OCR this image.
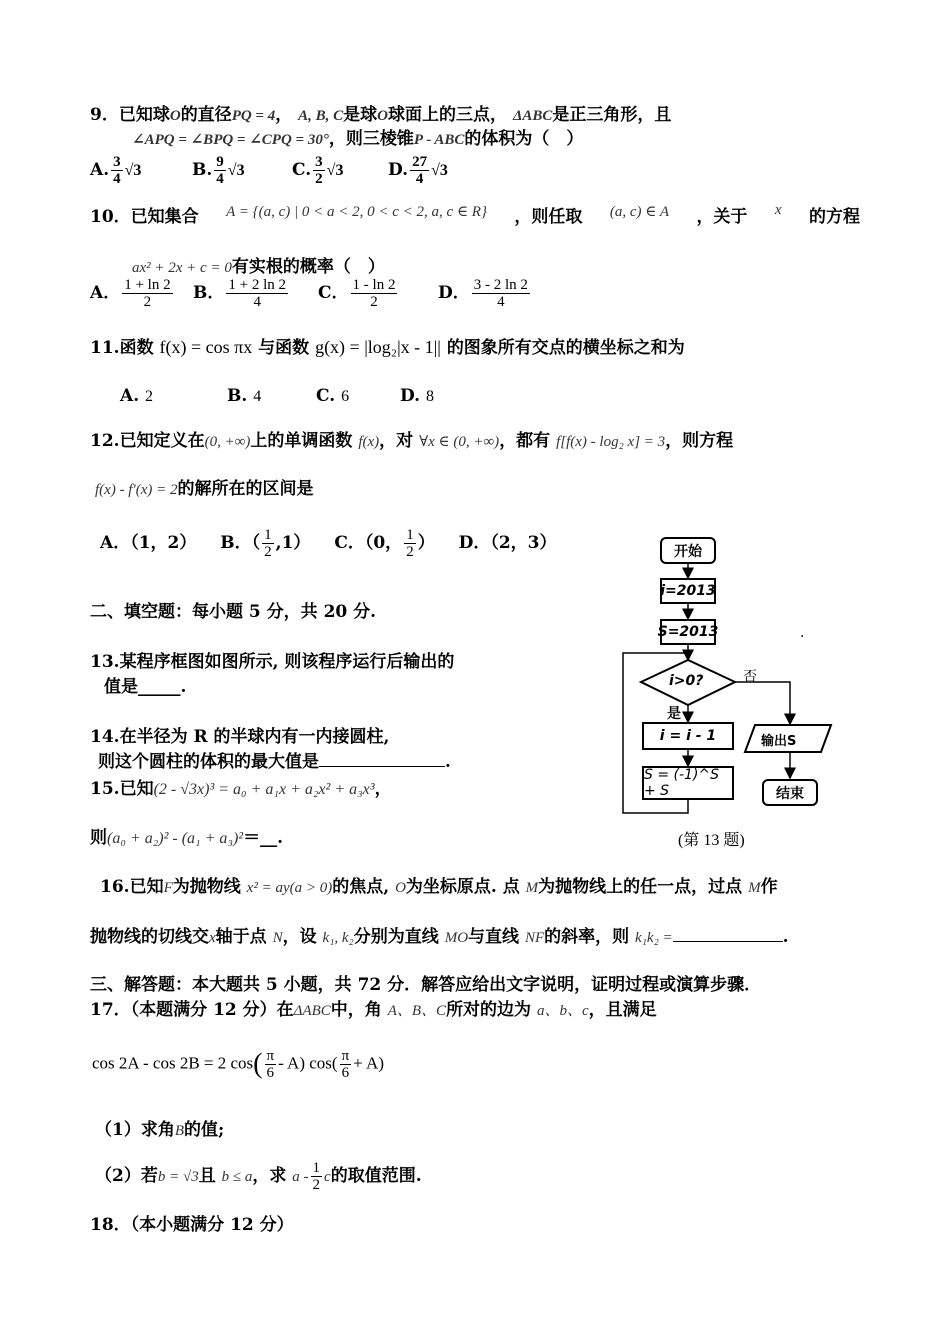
9．已知球O的直径PQ = 4， A, B, C是球O球面上的三点， ΔABC是正三角形，且
∠APQ = ∠BPQ = ∠CPQ = 30°，则三棱锥P - ABC的体积为（　）
A. $\frac{3}{4} √3$	B. $\frac{9}{4} √3$	C. $\frac{3}{2} √3$	D. $\frac{27}{4} √3$
10．已知集合 A = {(a, c) | 0 < a < 2, 0 < c < 2, a, c ∈ R} ，则任取 (a, c) ∈ A ，关于 x 的方程
ax² + 2x + c = 0有实根的概率（　）
A． $\frac{1 + \ln 2}{2}$ B． $\frac{1 + 2 \ln 2}{4}$ C． $\frac{1 - \ln 2}{2}$ D． $\frac{3 - 2 \ln 2}{4}$
11.函数 f(x) = cos πx 与函数 g(x) = |log₂|x - 1|| 的图象所有交点的横坐标之和为
A. 2	B. 4	C. 6	D. 8
12.已知定义在(0, +∞)上的单调函数 f(x)，对 ∀x ∈ (0, +∞)，都有 f[f(x) - log₂ x] = 3，则方程
f(x) - f′(x) = 2的解所在的区间是
A．（1，2） B．（ $\frac{1}{2} ,1$） C．（0， $\frac{1}{2}$ ） D．（2，3）
二、填空题：每小题 5 分，共 20 分.
13.某程序框图如图所示, 则该程序运行后输出的
值是_____.
14.在半径为 R 的半球内有一内接圆柱,
则这个圆柱的体积的最大值是	.
15.已知(2 - √3x)³ = a₀ + a₁x + a₂x² + a₃x³，
则(a₀ + a₂)² - (a₁ + a₃)²＝__.
16.已知F为抛物线 x² = ay(a > 0)的焦点, O为坐标原点. 点 M为抛物线上的任一点，过点 M作
抛物线的切线交x轴于点 N，设 k₁, k₂分别为直线 MO与直线 NF的斜率，则 k₁k₂ =	.
三、解答题：本大题共 5 小题，共 72 分．解答应给出文字说明，证明过程或演算步骤．
17．（本题满分 12 分）在ΔABC中，角 A、B、C所对的边为 a、b、c，且满足
cos 2A - cos 2B = 2 $\cos( \frac{\pi}{6} - A)$ $\cos( \frac{\pi}{6} + A)$
（1）求角B的值;
（2）若b = √3且 b ≤ a，求 a - $\frac{1}{2}$ c的取值范围.
18．（本小题满分 12 分）
开始
i=2013
S=2013
i>0?
是
否
i = i - 1
S = (-1)^S + S
输出S
结束
(第 13 题)
.
